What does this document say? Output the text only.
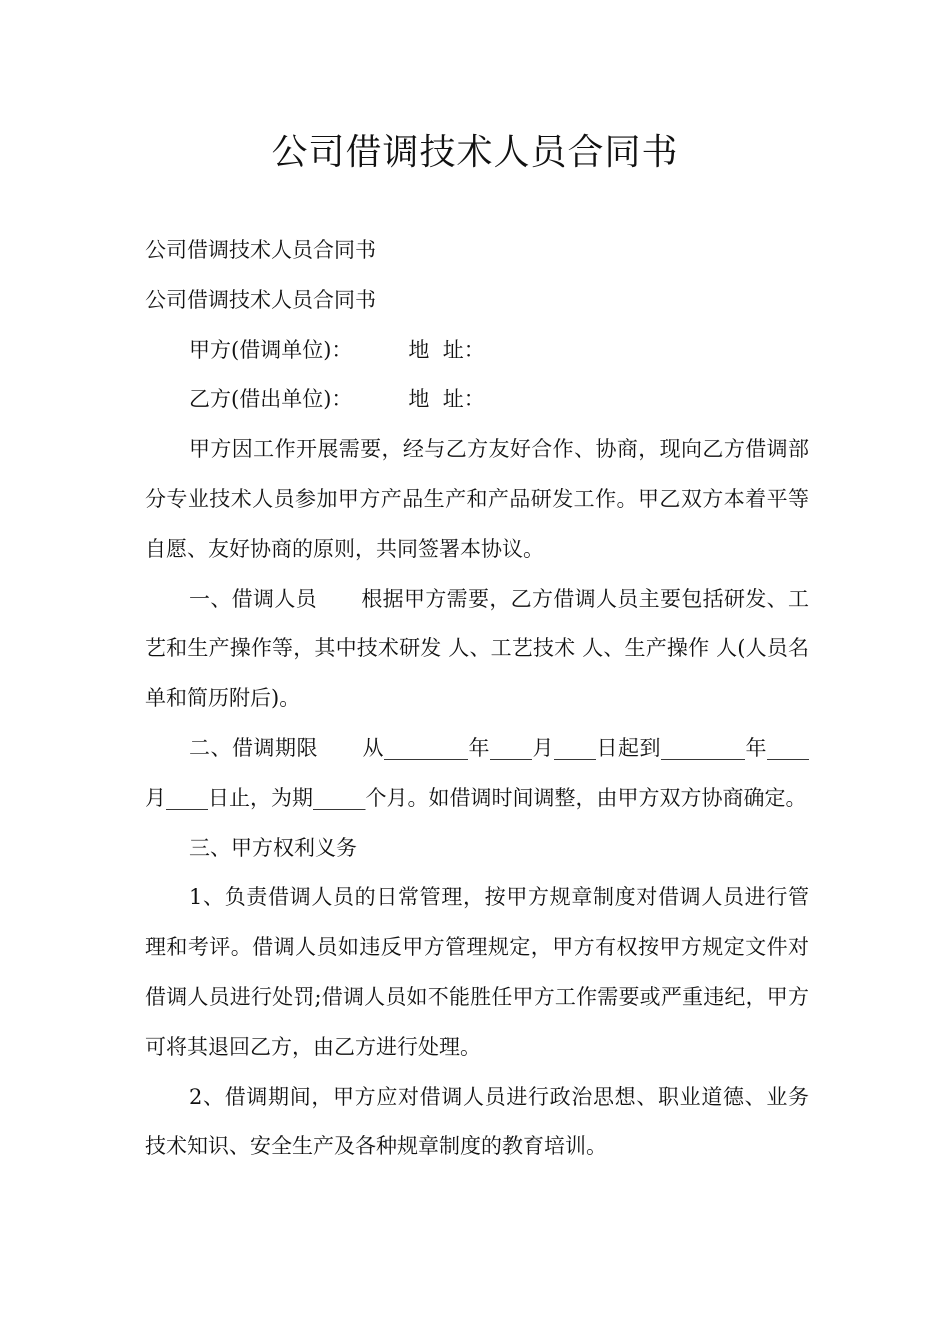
公司借调技术人员合同书

公司借调技术人员合同书

公司借调技术人员合同书

甲方(借调单位)：	地  址：

乙方(借出单位)：	地  址：

甲方因工作开展需要，经与乙方友好合作、协商，现向乙方借调部分专业技术人员参加甲方产品生产和产品研发工作。甲乙双方本着平等自愿、友好协商的原则，共同签署本协议。

一、借调人员 根据甲方需要，乙方借调人员主要包括研发、工艺和生产操作等，其中技术研发 人、工艺技术 人、生产操作 人(人员名单和简历附后)。

二、借调期限 从________年____月____日起到________年____月____日止，为期_____个月。如借调时间调整，由甲方双方协商确定。

三、甲方权利义务

1、负责借调人员的日常管理，按甲方规章制度对借调人员进行管理和考评。借调人员如违反甲方管理规定，甲方有权按甲方规定文件对借调人员进行处罚;借调人员如不能胜任甲方工作需要或严重违纪，甲方可将其退回乙方，由乙方进行处理。

2、借调期间，甲方应对借调人员进行政治思想、职业道德、业务技术知识、安全生产及各种规章制度的教育培训。
